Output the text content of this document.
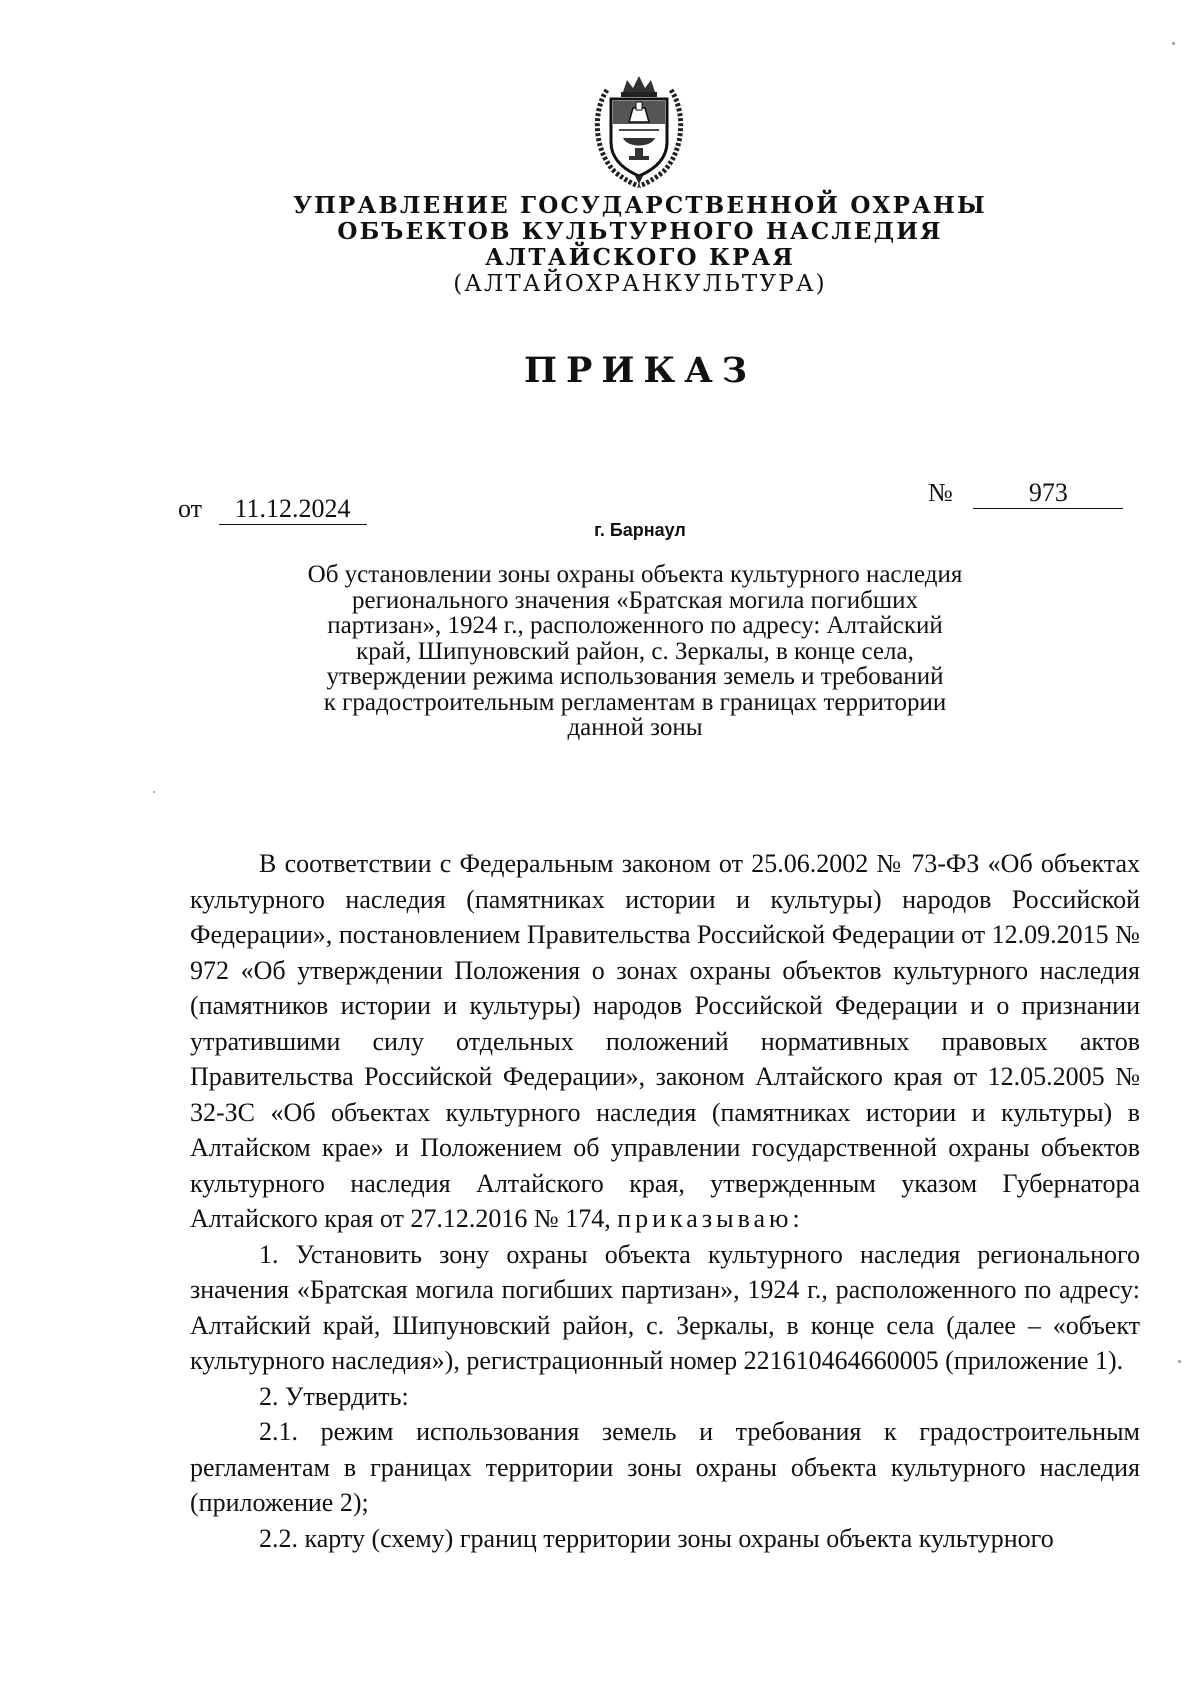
УПРАВЛЕНИЕ ГОСУДАРСТВЕННОЙ ОХРАНЫ
ОБЪЕКТОВ КУЛЬТУРНОГО НАСЛЕДИЯ
АЛТАЙСКОГО КРАЯ
(АЛТАЙОХРАНКУЛЬТУРА)
ПРИКАЗ
от 11.12.2024
№	973
г. Барнаул
Об установлении зоны охраны объекта культурного наследия
регионального значения «Братская могила погибших
партизан», 1924 г., расположенного по адресу: Алтайский
край, Шипуновский район, с. Зеркалы, в конце села,
утверждении режима использования земель и требований
к градостроительным регламентам в границах территории
данной зоны

В соответствии с Федеральным законом от 25.06.2002 № 73-ФЗ «Об объектах культурного наследия (памятниках истории и культуры) народов Российской Федерации», постановлением Правительства Российской Федерации от 12.09.2015 № 972 «Об утверждении Положения о зонах охраны объектов культурного наследия (памятников истории и культуры) народов Российской Федерации и о признании утратившими силу отдельных положений нормативных правовых актов Правительства Российской Федерации», законом Алтайского края от 12.05.2005 № 32-ЗС «Об объектах культурного наследия (памятниках истории и культуры) в Алтайском крае» и Положением об управлении государственной охраны объектов культурного наследия Алтайского края, утвержденным указом Губернатора Алтайского края от 27.12.2016 № 174, приказываю:

1. Установить зону охраны объекта культурного наследия регионального значения «Братская могила погибших партизан», 1924 г., расположенного по адресу: Алтайский край, Шипуновский район, с. Зеркалы, в конце села (далее – «объект культурного наследия»), регистрационный номер 221610464660005 (приложение 1).

2. Утвердить:

2.1. режим использования земель и требования к градостроительным регламентам в границах территории зоны охраны объекта культурного наследия (приложение 2);

2.2. карту (схему) границ территории зоны охраны объекта культурного
